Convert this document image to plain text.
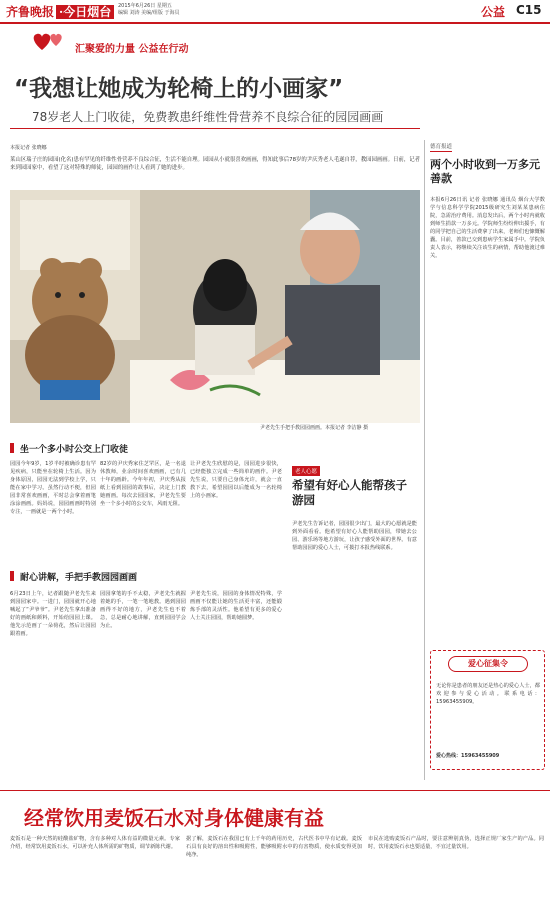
齐鲁晚报 ·今日烟台	2015年6月26日 星期五
编辑 刘涛 美编/组版 于海员	公益 C15
汇聚爱的力量 公益在行动
“我想让她成为轮椅上的小画家”
78岁老人上门收徒，免费教患纤维性骨营养不良综合征的园园画画
本报记者 张晓娜
莱山区瑞子庄的园园(化名)患有罕见的纤维性骨营养不良综合征，生活不能自理。园园从小就很喜欢画画，得知此事后78岁的尹庆秀老人毛遂自荐，教园园画画。日前，记者来到园园家中，看望了这对特殊的师徒，园园的画作让人看到了她的进步。
尹老先生手把手教园园画画。本报记者 李洁静 摄
坐一个多小时公交上门收徒
园园今年9岁，1岁半时被确诊患有罕见疾病，只能坐在轮椅上生活。因为身体原因，园园无法到学校上学，只能在家中学习。虽然行动不便，但园园非常喜欢画画，平时总会拿着画笔涂涂画画。妈妈说，园园画画时特别专注，一画就是一两个小时。
82岁的尹庆秀家住芝罘区，是一名退休教师，业余时间喜欢画画，已有几十年的画龄。今年年初，尹庆秀从报纸上看到园园的故事后，决定上门教她画画。每次去园园家，尹老先生要坐一个多小时的公交车，风雨无阻。
让尹老先生欣慰的是，园园进步很快，已经能独立完成一些简单的画作。尹老先生说，只要自己身体允许，就会一直教下去，希望园园以后能成为一名轮椅上的小画家。
耐心讲解，手把手教园园画画
6月23日上午，记者跟随尹老先生来到园园家中。一进门，园园就开心地喊起了“尹爷爷”。尹老先生拿出准备好的画纸和颜料，开始给园园上课。他先示范画了一朵荷花，然后让园园跟着画。
园园拿笔的手不太稳，尹老先生就握着她的手，一笔一笔地教。遇到园园画得不好的地方，尹老先生也不着急，总是耐心地讲解，直到园园学会为止。
尹老先生说，园园的身体情况特殊，学画画不仅能让她的生活更丰富，还能锻炼手部的灵活性。他希望有更多的爱心人士关注园园，帮助她圆梦。
老人心愿
希望有好心人能帮孩子游园
尹老先生告诉记者，园园很少出门，最大的心愿就是能到外面看看。他希望有好心人能帮助园园，带她去公园、游乐场等地方游玩，让孩子感受外面的世界。有意帮助园园的爱心人士，可拨打本报热线联系。
德育报道
两个小时收到一万多元善款
本报6月26日讯 记者 张晓娜 通讯员 烟台大学数学与信息科学学院2015级研究生刘某某患病住院，急需治疗费用。消息发出后，两个小时内就收到师生捐款一万多元。学院师生纷纷伸出援手，有的同学把自己的生活费拿了出来，老师们也慷慨解囊。目前，善款已交到患病学生家属手中。学院负责人表示，将继续关注该生的病情，帮助他渡过难关。
爱心征集令
无论你是患者的朋友还是热心的爱心人士，都欢迎参与爱心活动。联系电话：15963455909。
爱心热线：15963455909
经常饮用麦饭石水对身体健康有益
麦饭石是一种天然的硅酸盐矿物，含有多种对人体有益的微量元素。专家介绍，经常饮用麦饭石水，可以补充人体所需的矿物质，调节新陈代谢。
据了解，麦饭石在我国已有上千年的药用历史，古代医书中早有记载。麦饭石具有良好的溶出性和吸附性，能够吸附水中的有害物质，使水质变得更加纯净。
市民在选购麦饭石产品时，要注意辨别真伪，选择正规厂家生产的产品。同时，饮用麦饭石水也要适量，不宜过量饮用。
